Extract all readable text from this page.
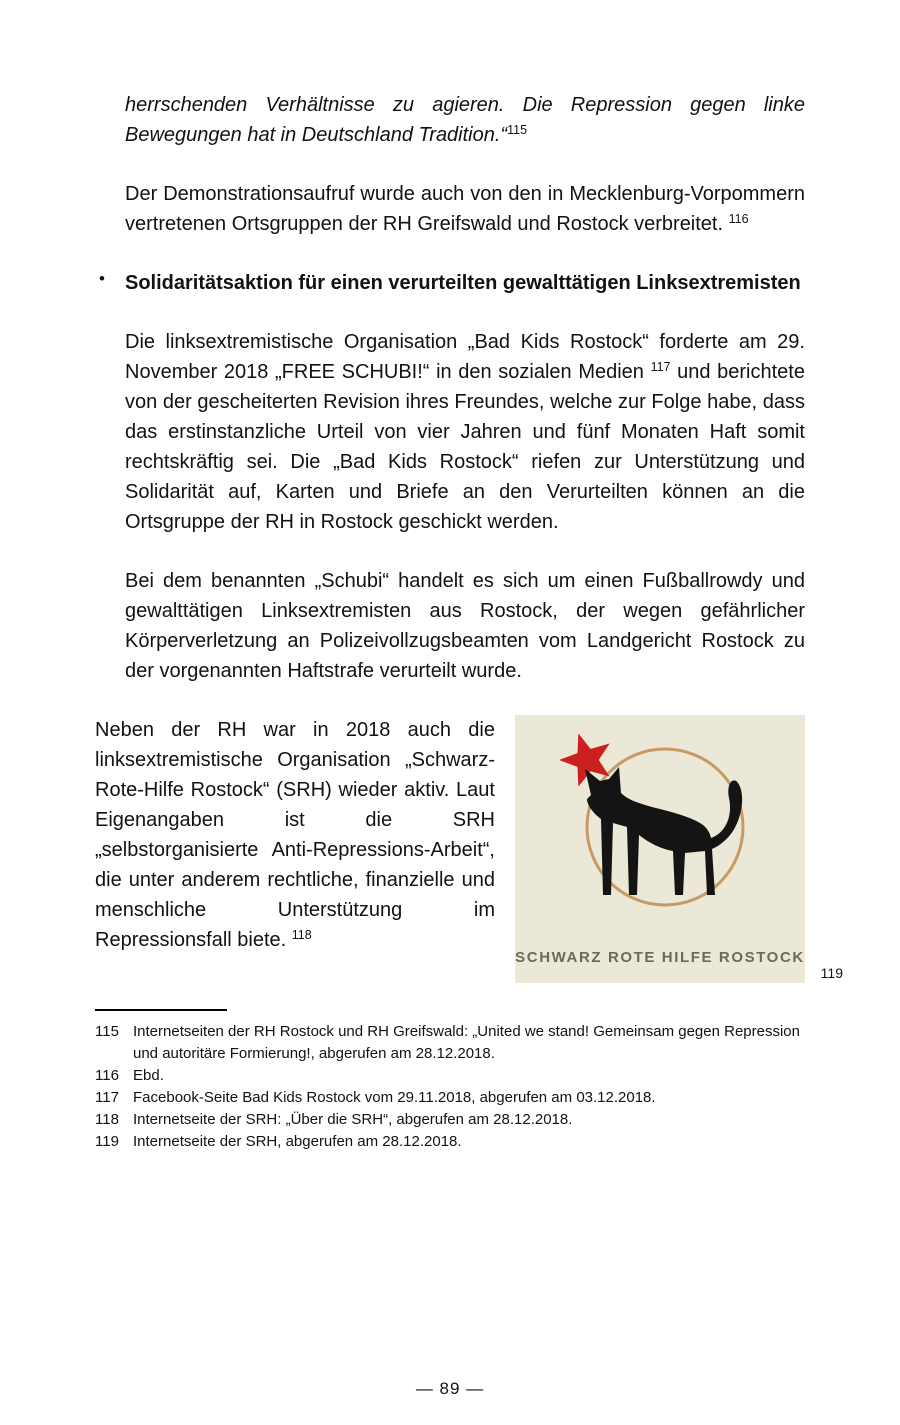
herrschenden Verhältnisse zu agieren. Die Repression gegen linke Bewegungen hat in Deutschland Tradition.“$^{115}$

Der Demonstrationsaufruf wurde auch von den in Mecklenburg-Vorpommern vertretenen Ortsgruppen der RH Greifswald und Rostock verbreitet. $^{116}$

• Solidaritätsaktion für einen verurteilten gewalttätigen Linksextremisten

Die linksextremistische Organisation „Bad Kids Rostock“ forderte am 29. November 2018 „FREE SCHUBI!“ in den sozialen Medien $^{117}$ und berichtete von der gescheiterten Revision ihres Freundes, welche zur Folge habe, dass das erstinstanzliche Urteil von vier Jahren und fünf Monaten Haft somit rechtskräftig sei. Die „Bad Kids Rostock“ riefen zur Unterstützung und Solidarität auf, Karten und Briefe an den Verurteilten können an die Ortsgruppe der RH in Rostock geschickt werden.

Bei dem benannten „Schubi“ handelt es sich um einen Fußballrowdy und gewalttätigen Linksextremisten aus Rostock, der wegen gefährlicher Körperverletzung an Polizeivollzugsbeamten vom Landgericht Rostock zu der vorgenannten Haftstrafe verurteilt wurde.

Neben der RH war in 2018 auch die linksextremistische Organisation „Schwarz-Rote-Hilfe Rostock“ (SRH) wieder aktiv. Laut Eigenangaben ist die SRH „selbstorganisierte Anti-Repressions-Arbeit“, die unter anderem rechtliche, finanzielle und menschliche Unterstützung im Repressionsfall biete. $^{118}$

SCHWARZ ROTE HILFE ROSTOCK
119
115 Internetseiten der RH Rostock und RH Greifswald: „United we stand! Gemeinsam gegen Repression und autoritäre Formierung!, abgerufen am 28.12.2018.
116 Ebd.
117 Facebook-Seite Bad Kids Rostock vom 29.11.2018, abgerufen am 03.12.2018.
118 Internetseite der SRH: „Über die SRH“, abgerufen am 28.12.2018.
119 Internetseite der SRH, abgerufen am 28.12.2018.
— 89 —
